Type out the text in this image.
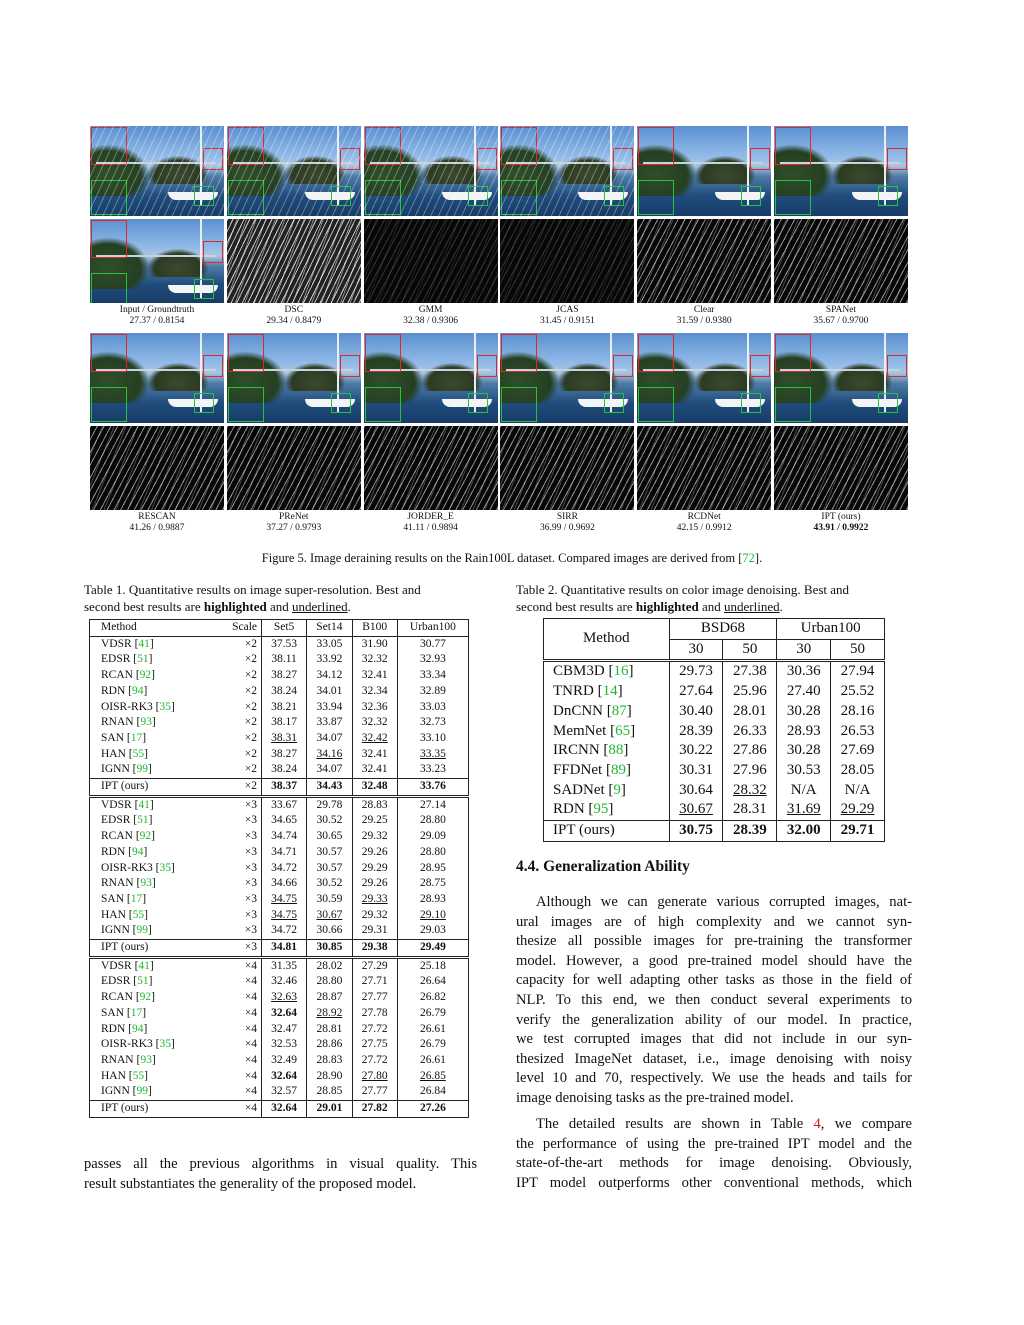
Input / Groundtruth
27.37 / 0.8154
DSC
29.34 / 0.8479
GMM
32.38 / 0.9306
JCAS
31.45 / 0.9151
Clear
31.59 / 0.9380
SPANet
35.67 / 0.9700
RESCAN
41.26 / 0.9887
PReNet
37.27 / 0.9793
JORDER_E
41.11 / 0.9894
SIRR
36.99 / 0.9692
RCDNet
42.15 / 0.9912
IPT (ours)
43.91 / 0.9922
Figure 5. Image deraining results on the Rain100L dataset. Compared images are derived from [72].
Table 1. Quantitative results on image super-resolution. Best and
second best results are highlighted and underlined.
Method	Scale	Set5	Set14	B100	Urban100
VDSR [41]	×2	37.53	33.05	31.90	30.77
EDSR [51]	×2	38.11	33.92	32.32	32.93
RCAN [92]	×2	38.27	34.12	32.41	33.34
RDN [94]	×2	38.24	34.01	32.34	32.89
OISR-RK3 [35]	×2	38.21	33.94	32.36	33.03
RNAN [93]	×2	38.17	33.87	32.32	32.73
SAN [17]	×2	38.31	34.07	32.42	33.10
HAN [55]	×2	38.27	34.16	32.41	33.35
IGNN [99]	×2	38.24	34.07	32.41	33.23
IPT (ours)	×2	38.37	34.43	32.48	33.76
VDSR [41]	×3	33.67	29.78	28.83	27.14
EDSR [51]	×3	34.65	30.52	29.25	28.80
RCAN [92]	×3	34.74	30.65	29.32	29.09
RDN [94]	×3	34.71	30.57	29.26	28.80
OISR-RK3 [35]	×3	34.72	30.57	29.29	28.95
RNAN [93]	×3	34.66	30.52	29.26	28.75
SAN [17]	×3	34.75	30.59	29.33	28.93
HAN [55]	×3	34.75	30.67	29.32	29.10
IGNN [99]	×3	34.72	30.66	29.31	29.03
IPT (ours)	×3	34.81	30.85	29.38	29.49
VDSR [41]	×4	31.35	28.02	27.29	25.18
EDSR [51]	×4	32.46	28.80	27.71	26.64
RCAN [92]	×4	32.63	28.87	27.77	26.82
SAN [17]	×4	32.64	28.92	27.78	26.79
RDN [94]	×4	32.47	28.81	27.72	26.61
OISR-RK3 [35]	×4	32.53	28.86	27.75	26.79
RNAN [93]	×4	32.49	28.83	27.72	26.61
HAN [55]	×4	32.64	28.90	27.80	26.85
IGNN [99]	×4	32.57	28.85	27.77	26.84
IPT (ours)	×4	32.64	29.01	27.82	27.26
Table 2. Quantitative results on color image denoising. Best and
second best results are highlighted and underlined.
Method	BSD68		Urban100	
	30	50	30	50
CBM3D [16]	29.73	27.38	30.36	27.94
TNRD [14]	27.64	25.96	27.40	25.52
DnCNN [87]	30.40	28.01	30.28	28.16
MemNet [65]	28.39	26.33	28.93	26.53
IRCNN [88]	30.22	27.86	30.28	27.69
FFDNet [89]	30.31	27.96	30.53	28.05
SADNet [9]	30.64	28.32	N/A	N/A
RDN [95]	30.67	28.31	31.69	29.29
IPT (ours)	30.75	28.39	32.00	29.71
passes all the previous algorithms in visual quality. This
result substantiates the generality of the proposed model.
4.4. Generalization Ability
Although we can generate various corrupted images, nat-
ural images are of high complexity and we cannot syn-
thesize all possible images for pre-training the transformer
model. However, a good pre-trained model should have the
capacity for well adapting other tasks as those in the field of
NLP. To this end, we then conduct several experiments to
verify the generalization ability of our model. In practice,
we test corrupted images that did not include in our syn-
thesized ImageNet dataset, i.e., image denoising with noisy
level 10 and 70, respectively. We use the heads and tails for
image denoising tasks as the pre-trained model.
The detailed results are shown in Table 4, we compare
the performance of using the pre-trained IPT model and the
state-of-the-art methods for image denoising. Obviously,
IPT model outperforms other conventional methods, which
